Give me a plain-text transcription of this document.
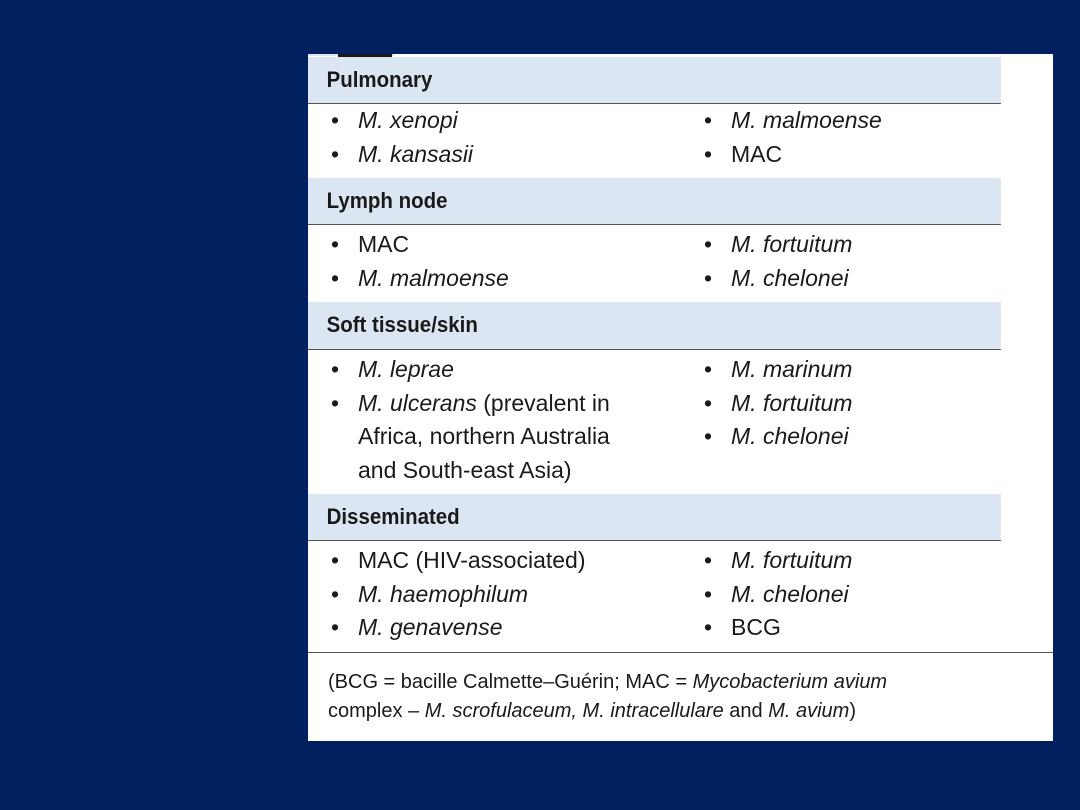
Pulmonary
• M. xenopi
• M. kansasii
• M. malmoense
• MAC
Lymph node
• MAC
• M. malmoense
• M. fortuitum
• M. chelonei
Soft tissue/skin
• M. leprae
• M. ulcerans (prevalent in
Africa, northern Australia
and South-east Asia)
• M. marinum
• M. fortuitum
• M. chelonei
Disseminated
• MAC (HIV-associated)
• M. haemophilum
• M. genavense
• M. fortuitum
• M. chelonei
• BCG
(BCG = bacille Calmette–Guérin; MAC = Mycobacterium avium
complex – M. scrofulaceum, M. intracellulare and M. avium)
